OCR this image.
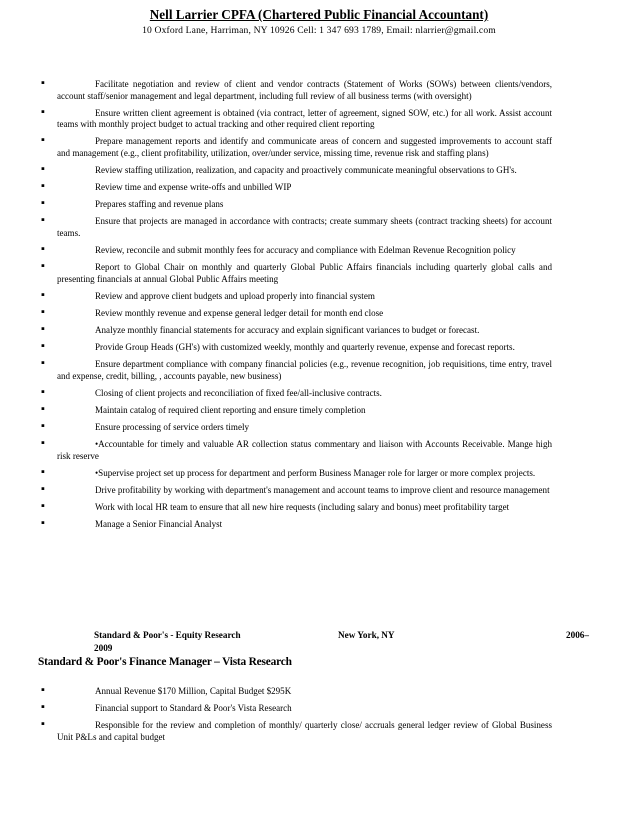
Nell Larrier CPFA (Chartered Public Financial Accountant)
10 Oxford Lane, Harriman, NY 10926 Cell: 1 347 693 1789, Email: nlarrier@gmail.com
▪ Facilitate negotiation and review of client and vendor contracts (Statement of Works (SOWs) between clients/vendors, account staff/senior management and legal department, including full review of all business terms (with oversight)
▪ Ensure written client agreement is obtained (via contract, letter of agreement, signed SOW, etc.) for all work. Assist account teams with monthly project budget to actual tracking and other required client reporting
▪ Prepare management reports and identify and communicate areas of concern and suggested improvements to account staff and management (e.g., client profitability, utilization, over/under service, missing time, revenue risk and staffing plans)
▪ Review staffing utilization, realization, and capacity and proactively communicate meaningful observations to GH's.
▪ Review time and expense write-offs and unbilled WIP
▪ Prepares staffing and revenue plans
▪ Ensure that projects are managed in accordance with contracts; create summary sheets (contract tracking sheets) for account teams.
▪ Review, reconcile and submit monthly fees for accuracy and compliance with Edelman Revenue Recognition policy
▪ Report to Global Chair on monthly and quarterly Global Public Affairs financials including quarterly global calls and presenting financials at annual Global Public Affairs meeting
▪ Review and approve client budgets and upload properly into financial system
▪ Review monthly revenue and expense general ledger detail for month end close
▪ Analyze monthly financial statements for accuracy and explain significant variances to budget or forecast.
▪ Provide Group Heads (GH's) with customized weekly, monthly and quarterly revenue, expense and forecast reports.
▪ Ensure department compliance with company financial policies (e.g., revenue recognition, job requisitions, time entry, travel and expense, credit, billing, , accounts payable, new business)
▪ Closing of client projects and reconciliation of fixed fee/all-inclusive contracts.
▪ Maintain catalog of required client reporting and ensure timely completion
▪ Ensure processing of service orders timely
▪ •Accountable for timely and valuable AR collection status commentary and liaison with Accounts Receivable. Mange high risk reserve
▪ •Supervise project set up process for department and perform Business Manager role for larger or more complex projects.
▪ Drive profitability by working with department's management and account teams to improve client and resource management
▪ Work with local HR team to ensure that all new hire requests (including salary and bonus) meet profitability target
▪ Manage a Senior Financial Analyst
Standard & Poor's - Equity Research	New York, NY	2006–
2009
Standard & Poor's Finance Manager – Vista Research
▪ Annual Revenue $170 Million, Capital Budget $295K
▪ Financial support to Standard & Poor's Vista Research
▪ Responsible for the review and completion of monthly/ quarterly close/ accruals general ledger review of Global Business Unit P&Ls and capital budget
